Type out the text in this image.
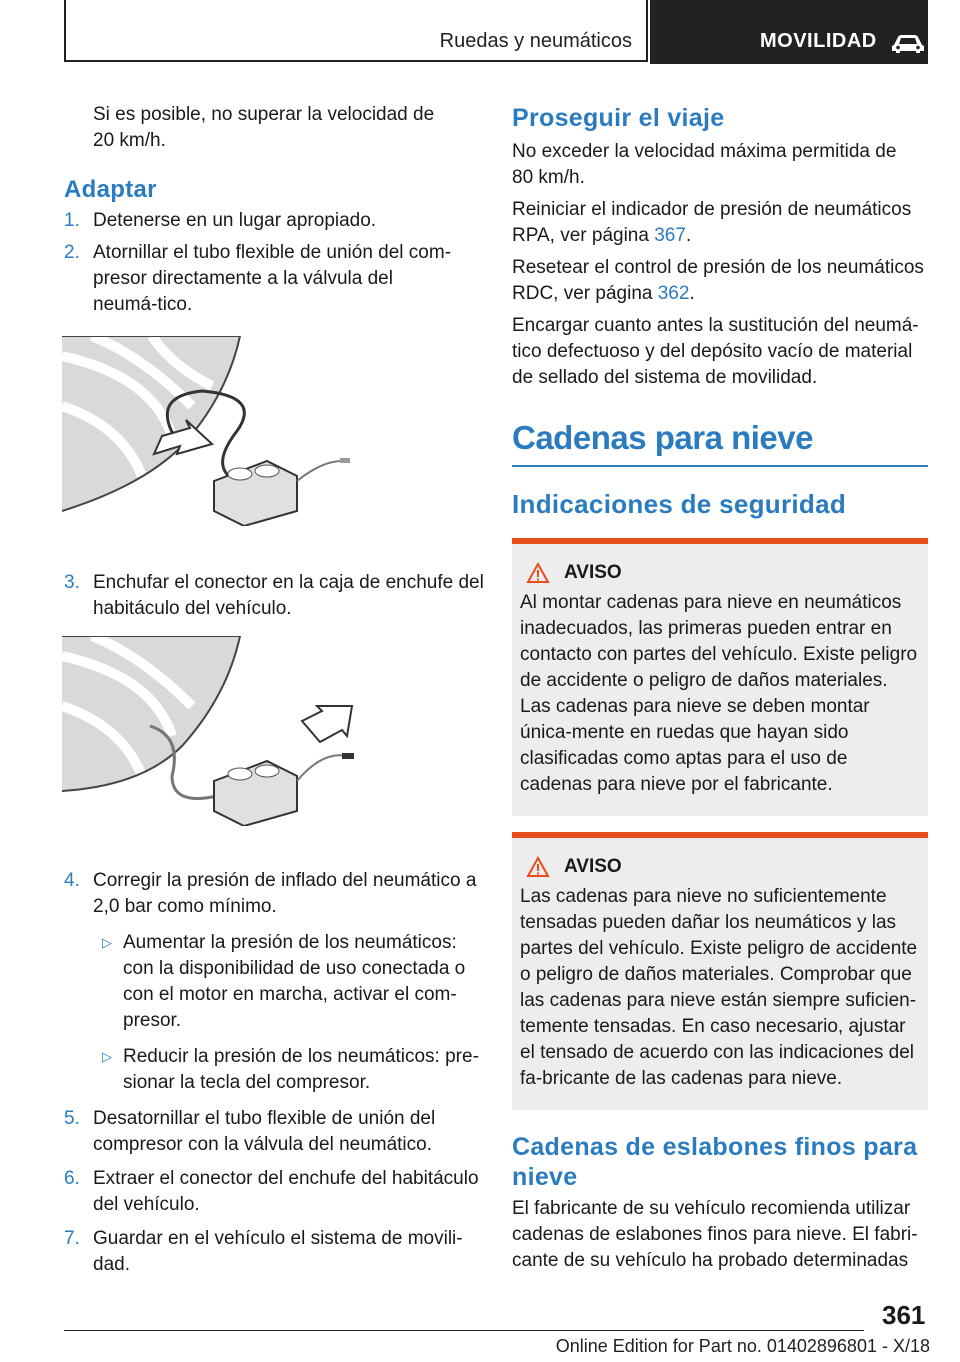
Ruedas y neumáticos	MOVILIDAD

Si es posible, no superar la velocidad de 20 km/h.

Adaptar
1. Detenerse en un lugar apropiado.
2. Atornillar el tubo flexible de unión del com‐presor directamente a la válvula del neumá‐tico.
3. Enchufar el conector en la caja de enchufe del habitáculo del vehículo.
4. Corregir la presión de inflado del neumático a 2,0 bar como mínimo.
▷ Aumentar la presión de los neumáticos: con la disponibilidad de uso conectada o con el motor en marcha, activar el com‐presor.
▷ Reducir la presión de los neumáticos: pre‐sionar la tecla del compresor.
5. Desatornillar el tubo flexible de unión del compresor con la válvula del neumático.
6. Extraer el conector del enchufe del habitáculo del vehículo.
7. Guardar en el vehículo el sistema de movili‐dad.
Proseguir el viaje

No exceder la velocidad máxima permitida de 80 km/h.

Reiniciar el indicador de presión de neumáticos RPA, ver página 367.

Resetear el control de presión de los neumáticos RDC, ver página 362.

Encargar cuanto antes la sustitución del neumá‐tico defectuoso y del depósito vacío de material de sellado del sistema de movilidad.

Cadenas para nieve
Indicaciones de seguridad
AVISO

Al montar cadenas para nieve en neumáticos inadecuados, las primeras pueden entrar en contacto con partes del vehículo. Existe peligro de accidente o peligro de daños materiales. Las cadenas para nieve se deben montar única‐mente en ruedas que hayan sido clasificadas como aptas para el uso de cadenas para nieve por el fabricante.

AVISO

Las cadenas para nieve no suficientemente tensadas pueden dañar los neumáticos y las partes del vehículo. Existe peligro de accidente o peligro de daños materiales. Comprobar que las cadenas para nieve están siempre suficien‐temente tensadas. En caso necesario, ajustar el tensado de acuerdo con las indicaciones del fa‐bricante de las cadenas para nieve.

Cadenas de eslabones finos para nieve

El fabricante de su vehículo recomienda utilizar cadenas de eslabones finos para nieve. El fabri‐cante de su vehículo ha probado determinadas

361
Online Edition for Part no. 01402896801 - X/18
